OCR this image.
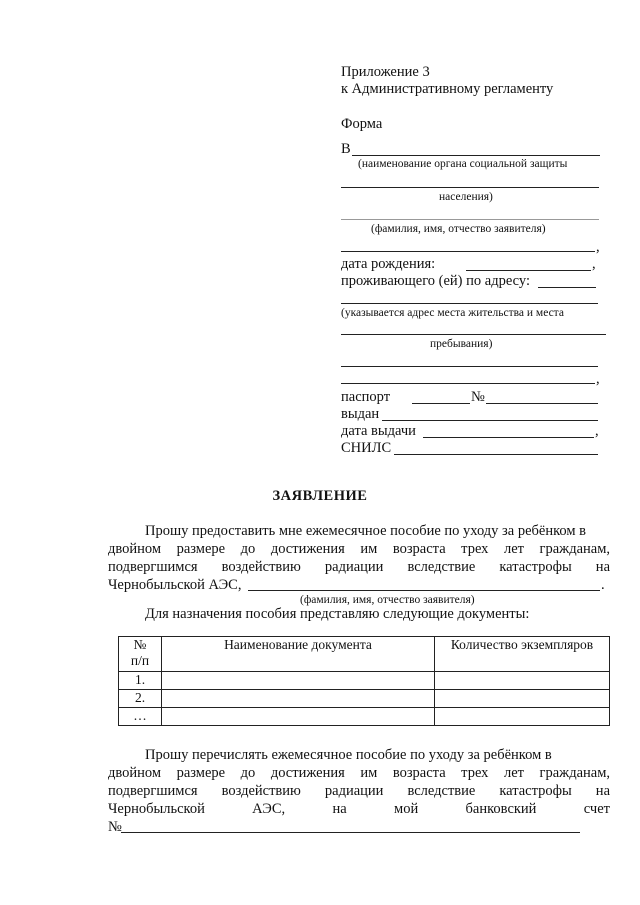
Приложение 3
к Административному регламенту
Форма
В
(наименование органа социальной защиты
населения)
(фамилия, имя, отчество заявителя)
,
дата рождения:	,
проживающего (ей) по адресу:
(указывается адрес места жительства и места
пребывания)
,
паспорт	№
выдан
дата выдачи	,
СНИЛС
ЗАЯВЛЕНИЕ
Прошу предоставить мне ежемесячное пособие по уходу за ребёнком в
двойном размере до достижения им возраста трех лет гражданам,
подвергшимся воздействию радиации вследствие катастрофы на
Чернобыльской АЭС,	.
(фамилия, имя, отчество заявителя)
Для назначения пособия представляю следующие документы:
№
п/п	Наименование документа	Количество экземпляров
1.		
2.		
…		
Прошу перечислять ежемесячное пособие по уходу за ребёнком в
двойном размере до достижения им возраста трех лет гражданам,
подвергшимся воздействию радиации вследствие катастрофы на
Чернобыльской АЭС, на мой банковский счет
№
